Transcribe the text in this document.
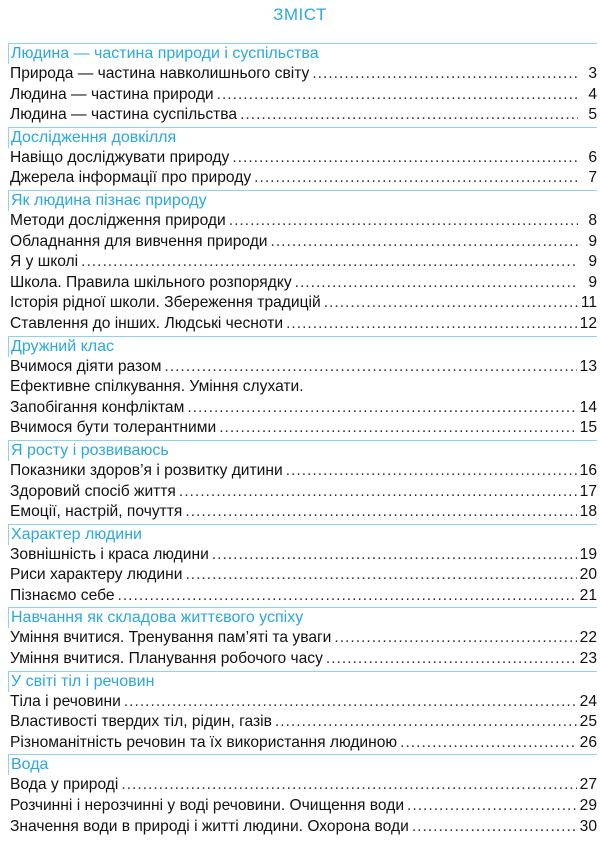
ЗМІСТ
Людина — частина природи і суспільства
Природа — частина навколишнього світу .....	3
Людина — частина природи .....	4
Людина — частина суспільства .....	5
Дослідження довкілля
Навіщо досліджувати природу .....	6
Джерела інформації про природу .....	7
Як людина пізнає природу
Методи дослідження природи .....	8
Обладнання для вивчення природи .....	9
Я у школі .....	9
Школа. Правила шкільного розпорядку .....	9
Історія рідної школи. Збереження традицій .....	11
Ставлення до інших. Людські чесноти .....	12
Дружний клас
Вчимося діяти разом .....	13
Ефективне спілкування. Уміння слухати.
Запобігання конфліктам .....	14
Вчимося бути толерантними .....	15
Я росту і розвиваюсь
Показники здоров’я і розвитку дитини .....	16
Здоровий спосіб життя .....	17
Емоції, настрій, почуття .....	18
Характер людини
Зовнішність і краса людини .....	19
Риси характеру людини .....	20
Пізнаємо себе .....	21
Навчання як складова життєвого успіху
Уміння вчитися. Тренування пам’яті та уваги .....	22
Уміння вчитися. Планування робочого часу .....	23
У світі тіл і речовин
Тіла і речовини .....	24
Властивості твердих тіл, рідин, газів .....	25
Різноманітність речовин та їх використання людиною .....	26
Вода
Вода у природі .....	27
Розчинні і нерозчинні у воді речовини. Очищення води .....	29
Значення води в природі і житті людини. Охорона води .....	30
